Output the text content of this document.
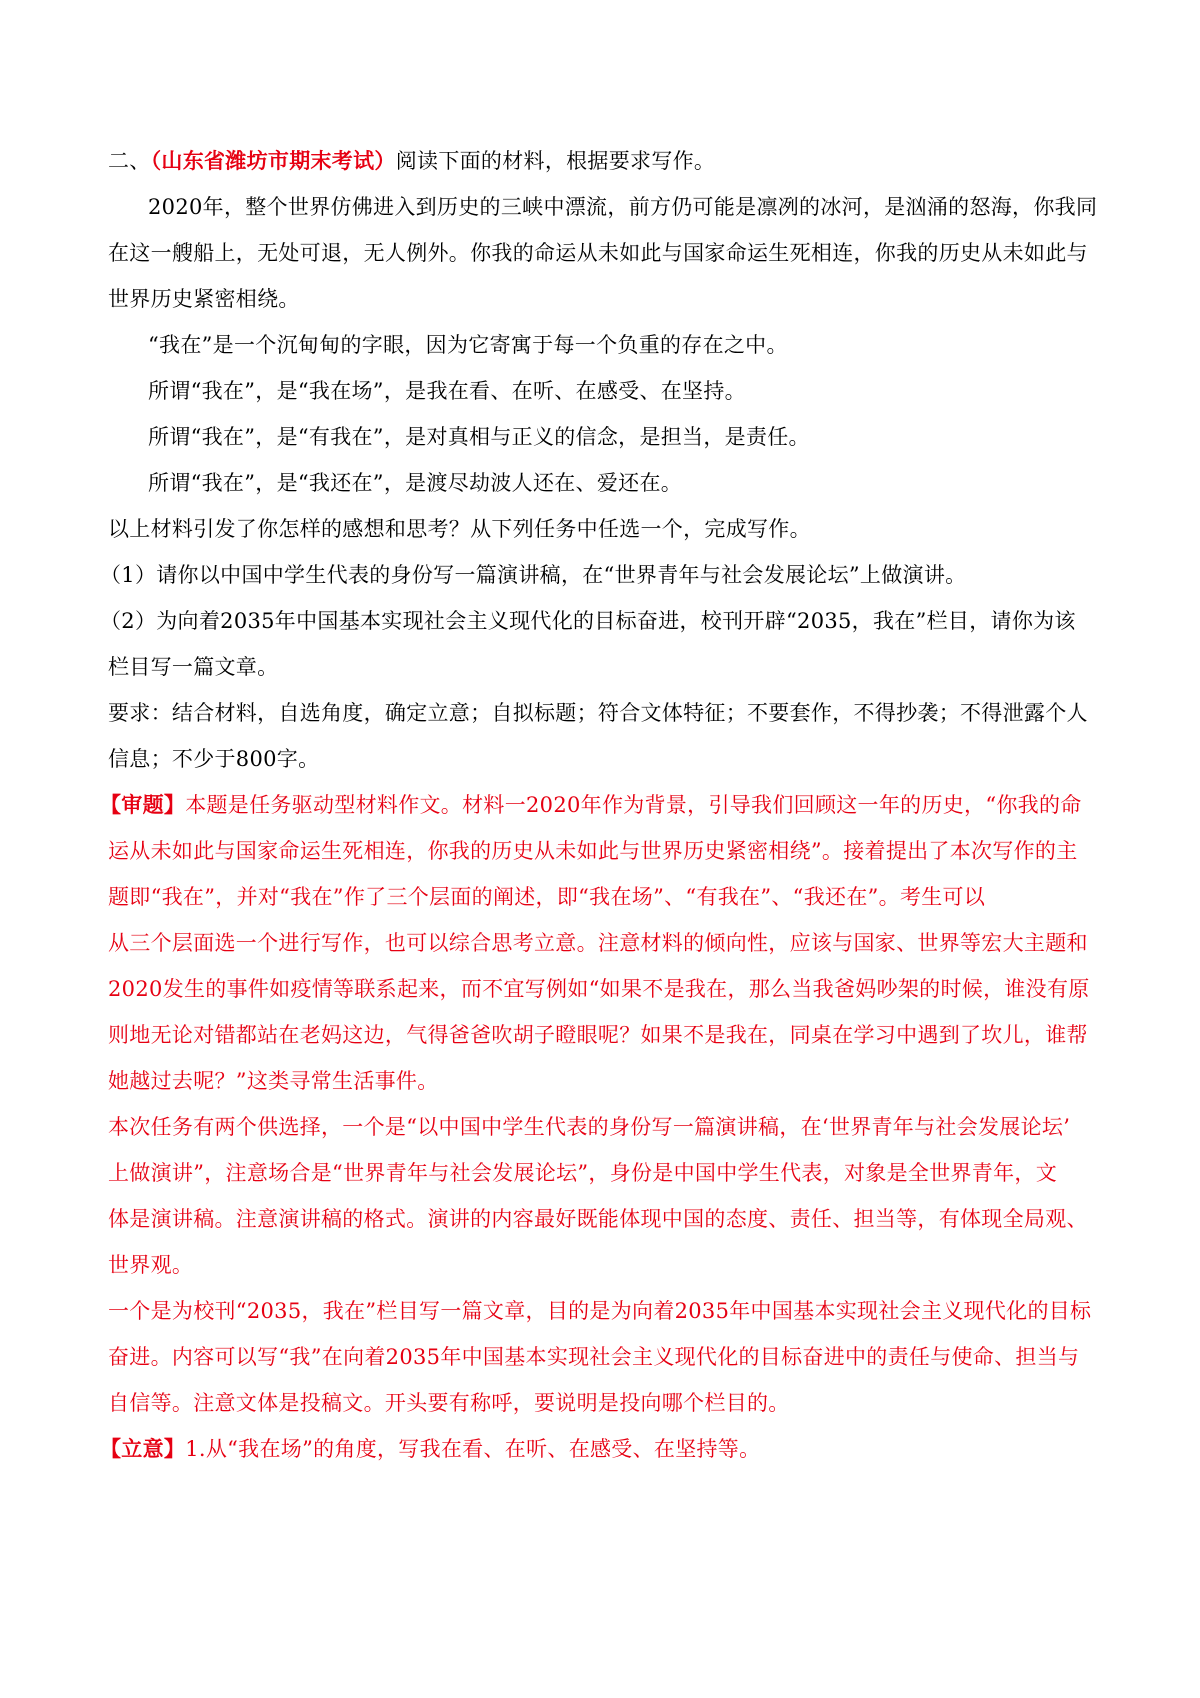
二、（山东省潍坊市期末考试）阅读下面的材料，根据要求写作。
2020年，整个世界仿佛进入到历史的三峡中漂流，前方仍可能是凛冽的冰河，是汹涌的怒海，你我同
在这一艘船上，无处可退，无人例外。你我的命运从未如此与国家命运生死相连，你我的历史从未如此与
世界历史紧密相绕。
“我在”是一个沉甸甸的字眼，因为它寄寓于每一个负重的存在之中。
所谓“我在”，是“我在场”，是我在看、在听、在感受、在坚持。
所谓“我在”，是“有我在”，是对真相与正义的信念，是担当，是责任。
所谓“我在”，是“我还在”，是渡尽劫波人还在、爱还在。
以上材料引发了你怎样的感想和思考？从下列任务中任选一个，完成写作。
（1）请你以中国中学生代表的身份写一篇演讲稿，在“世界青年与社会发展论坛”上做演讲。
（2）为向着2035年中国基本实现社会主义现代化的目标奋进，校刊开辟“2035，我在”栏目，请你为该
栏目写一篇文章。
要求：结合材料，自选角度，确定立意；自拟标题；符合文体特征；不要套作，不得抄袭；不得泄露个人
信息；不少于800字。
【审题】本题是任务驱动型材料作文。材料一2020年作为背景，引导我们回顾这一年的历史，“你我的命
运从未如此与国家命运生死相连，你我的历史从未如此与世界历史紧密相绕”。接着提出了本次写作的主
题即“我在”，并对“我在”作了三个层面的阐述，即“我在场”、“有我在”、“我还在”。考生可以
从三个层面选一个进行写作，也可以综合思考立意。注意材料的倾向性，应该与国家、世界等宏大主题和
2020发生的事件如疫情等联系起来，而不宜写例如“如果不是我在，那么当我爸妈吵架的时候，谁没有原
则地无论对错都站在老妈这边，气得爸爸吹胡子瞪眼呢？如果不是我在，同桌在学习中遇到了坎儿，谁帮
她越过去呢？”这类寻常生活事件。
本次任务有两个供选择，一个是“以中国中学生代表的身份写一篇演讲稿，在‘世界青年与社会发展论坛’
上做演讲”，注意场合是“世界青年与社会发展论坛”，身份是中国中学生代表，对象是全世界青年，文
体是演讲稿。注意演讲稿的格式。演讲的内容最好既能体现中国的态度、责任、担当等，有体现全局观、
世界观。
一个是为校刊“2035，我在”栏目写一篇文章，目的是为向着2035年中国基本实现社会主义现代化的目标
奋进。内容可以写“我”在向着2035年中国基本实现社会主义现代化的目标奋进中的责任与使命、担当与
自信等。注意文体是投稿文。开头要有称呼，要说明是投向哪个栏目的。
【立意】1.从“我在场”的角度，写我在看、在听、在感受、在坚持等。
